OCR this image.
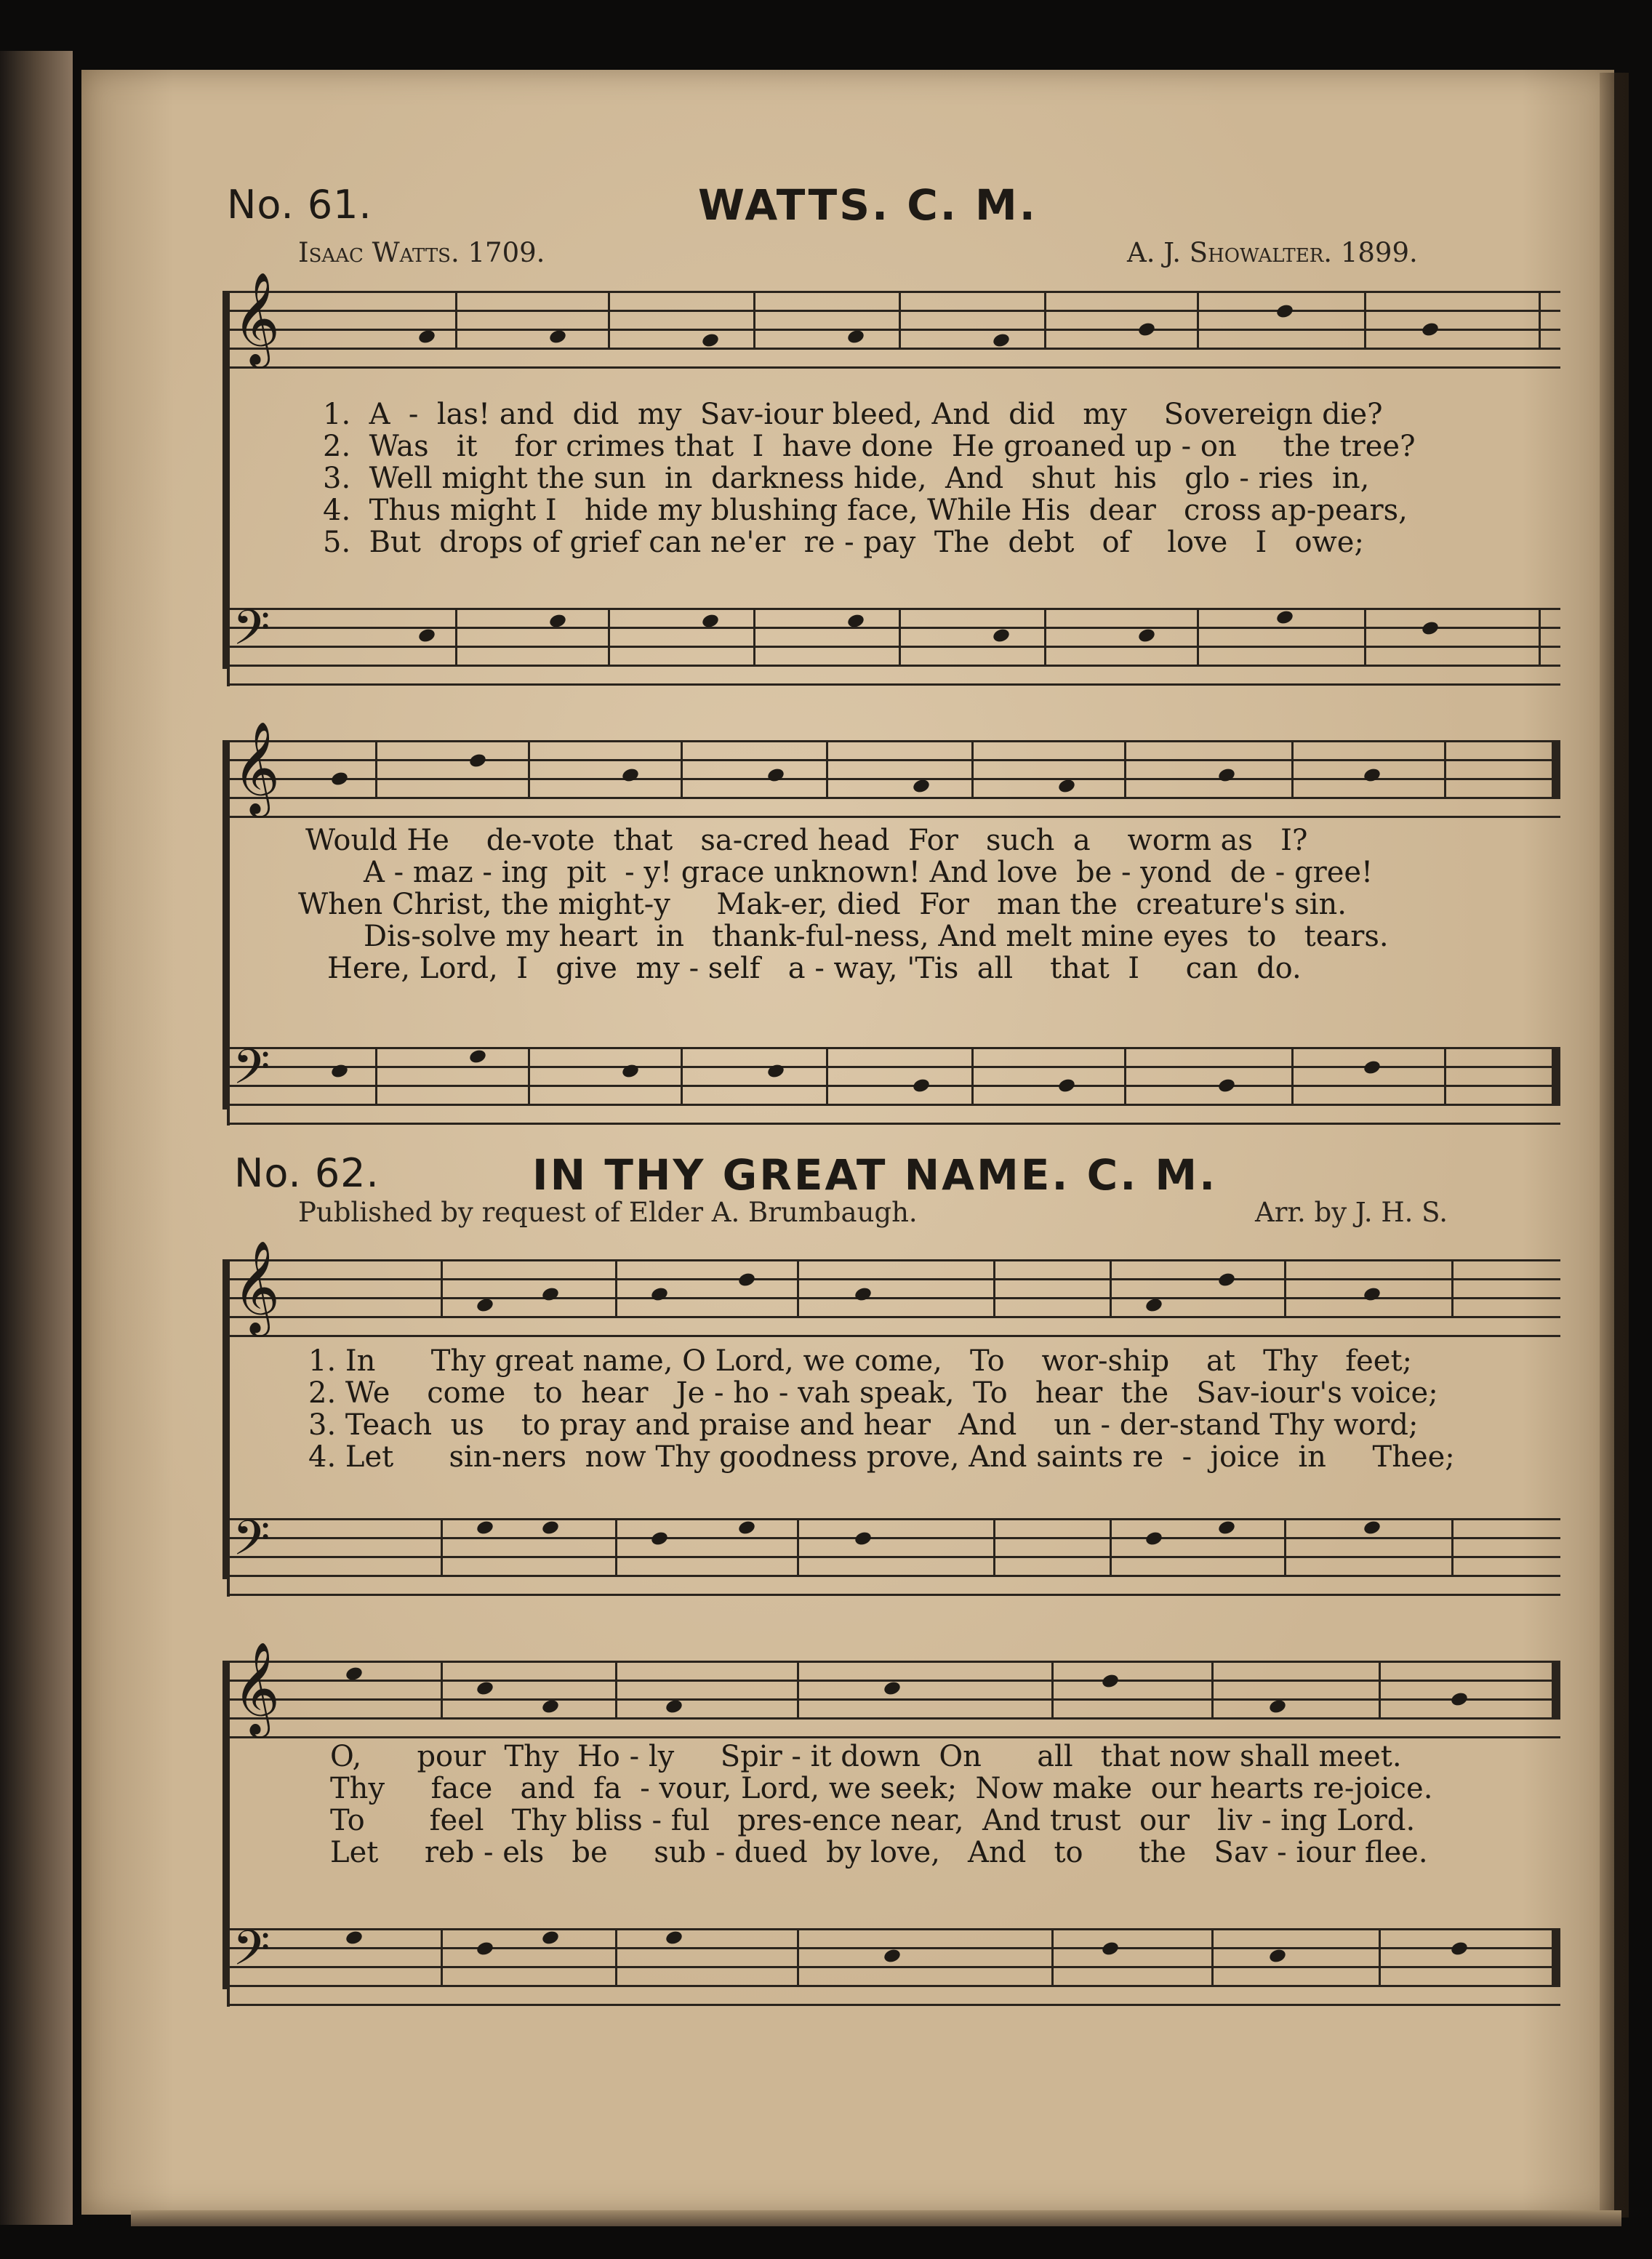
No. 61.	WATTS. C. M.
Isaac Watts. 1709.	A. J. Showalter. 1899.
𝄞
1.  A  -  las! and  did  my  Sav-iour bleed, And  did   my    Sovereign die?
2.  Was   it    for crimes that  I  have done  He groaned up - on     the tree?
3.  Well might the sun  in  darkness hide,  And   shut  his   glo - ries  in,
4.  Thus might I   hide my blushing face, While His  dear   cross ap-pears,
5.  But  drops of grief can ne'er  re - pay  The  debt   of    love   I   owe;
𝄢
𝄞
Would He    de-vote  that   sa-cred head  For   such  a    worm as   I?
A - maz - ing  pit  - y! grace unknown! And love  be - yond  de - gree!
When Christ, the might-y     Mak-er, died  For   man the  creature's sin.
Dis-solve my heart  in   thank-ful-ness, And melt mine eyes  to   tears.
Here, Lord,  I   give  my - self   a - way, 'Tis  all    that  I     can  do.
𝄢
No. 62.	IN THY GREAT NAME. C. M.
Published by request of Elder A. Brumbaugh.	Arr. by J. H. S.
𝄞
1. In      Thy great name, O Lord, we come,   To    wor-ship    at   Thy   feet;
2. We    come   to  hear   Je - ho - vah speak,  To   hear  the   Sav-iour's voice;
3. Teach  us    to pray and praise and hear   And    un - der-stand Thy word;
4. Let      sin-ners  now Thy goodness prove, And saints re  -  joice  in     Thee;
𝄢
𝄞
O,      pour  Thy  Ho - ly     Spir - it down  On      all   that now shall meet.
Thy     face   and  fa  - vour, Lord, we seek;  Now make  our hearts re-joice.
To       feel   Thy bliss - ful   pres-ence near,  And trust  our   liv - ing Lord.
Let     reb - els   be     sub - dued  by love,   And   to      the   Sav - iour flee.
𝄢
